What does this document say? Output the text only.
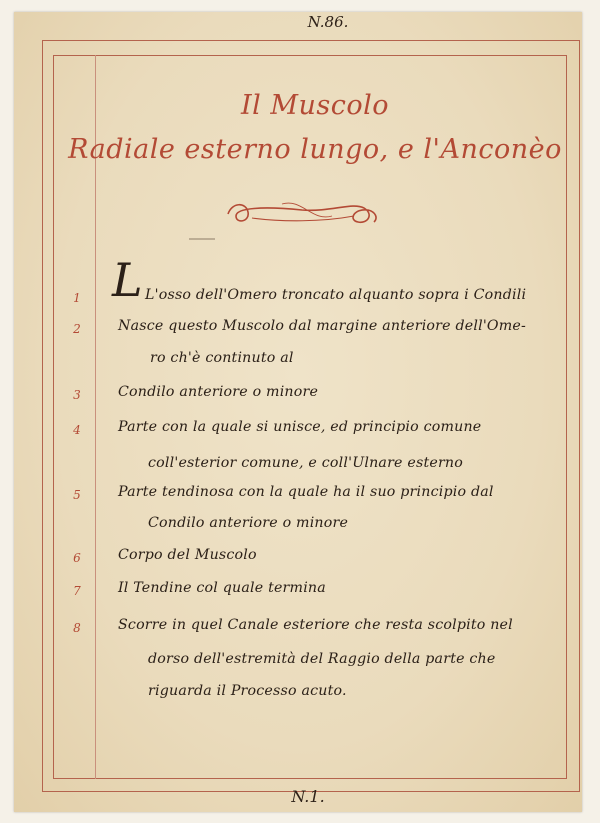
N.86.
Il Muscolo
Radiale esterno lungo, e l'Anconèo
L
1	L'osso dell'Omero troncato alquanto sopra i Condili
2	Nasce questo Muscolo dal margine anteriore dell'Ome-
ro ch'è continuto al
3	Condilo anteriore o minore
4	Parte con la quale si unisce, ed principio comune
coll'esterior comune, e coll'Ulnare esterno
5	Parte tendinosa con la quale ha il suo principio dal
Condilo anteriore o minore
6	Corpo del Muscolo
7	Il Tendine col quale termina
8	Scorre in quel Canale esteriore che resta scolpito nel
dorso dell'estremità del Raggio della parte che
riguarda il Processo acuto.
N.1.
